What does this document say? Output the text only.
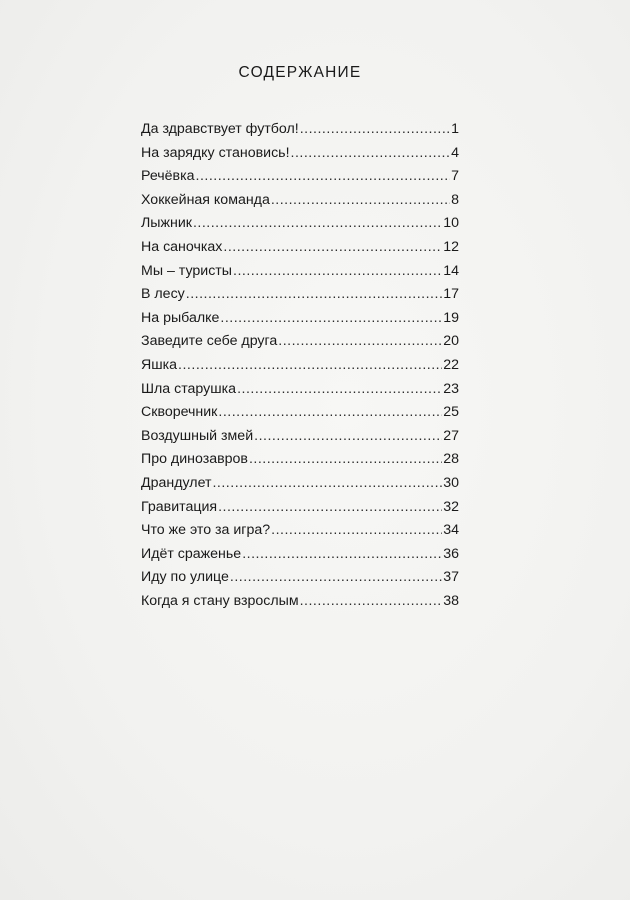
СОДЕРЖАНИЕ
Да здравствует футбол! .....	1
На зарядку становись! .....	4
Речёвка .....	7
Хоккейная команда .....	8
Лыжник .....	10
На саночках .....	12
Мы – туристы .....	14
В лесу .....	17
На рыбалке .....	19
Заведите себе друга .....	20
Яшка .....	22
Шла старушка .....	23
Скворечник .....	25
Воздушный змей .....	27
Про динозавров .....	28
Драндулет .....	30
Гравитация .....	32
Что же это за игра? .....	34
Идёт сраженье .....	36
Иду по улице .....	37
Когда я стану взрослым .....	38
